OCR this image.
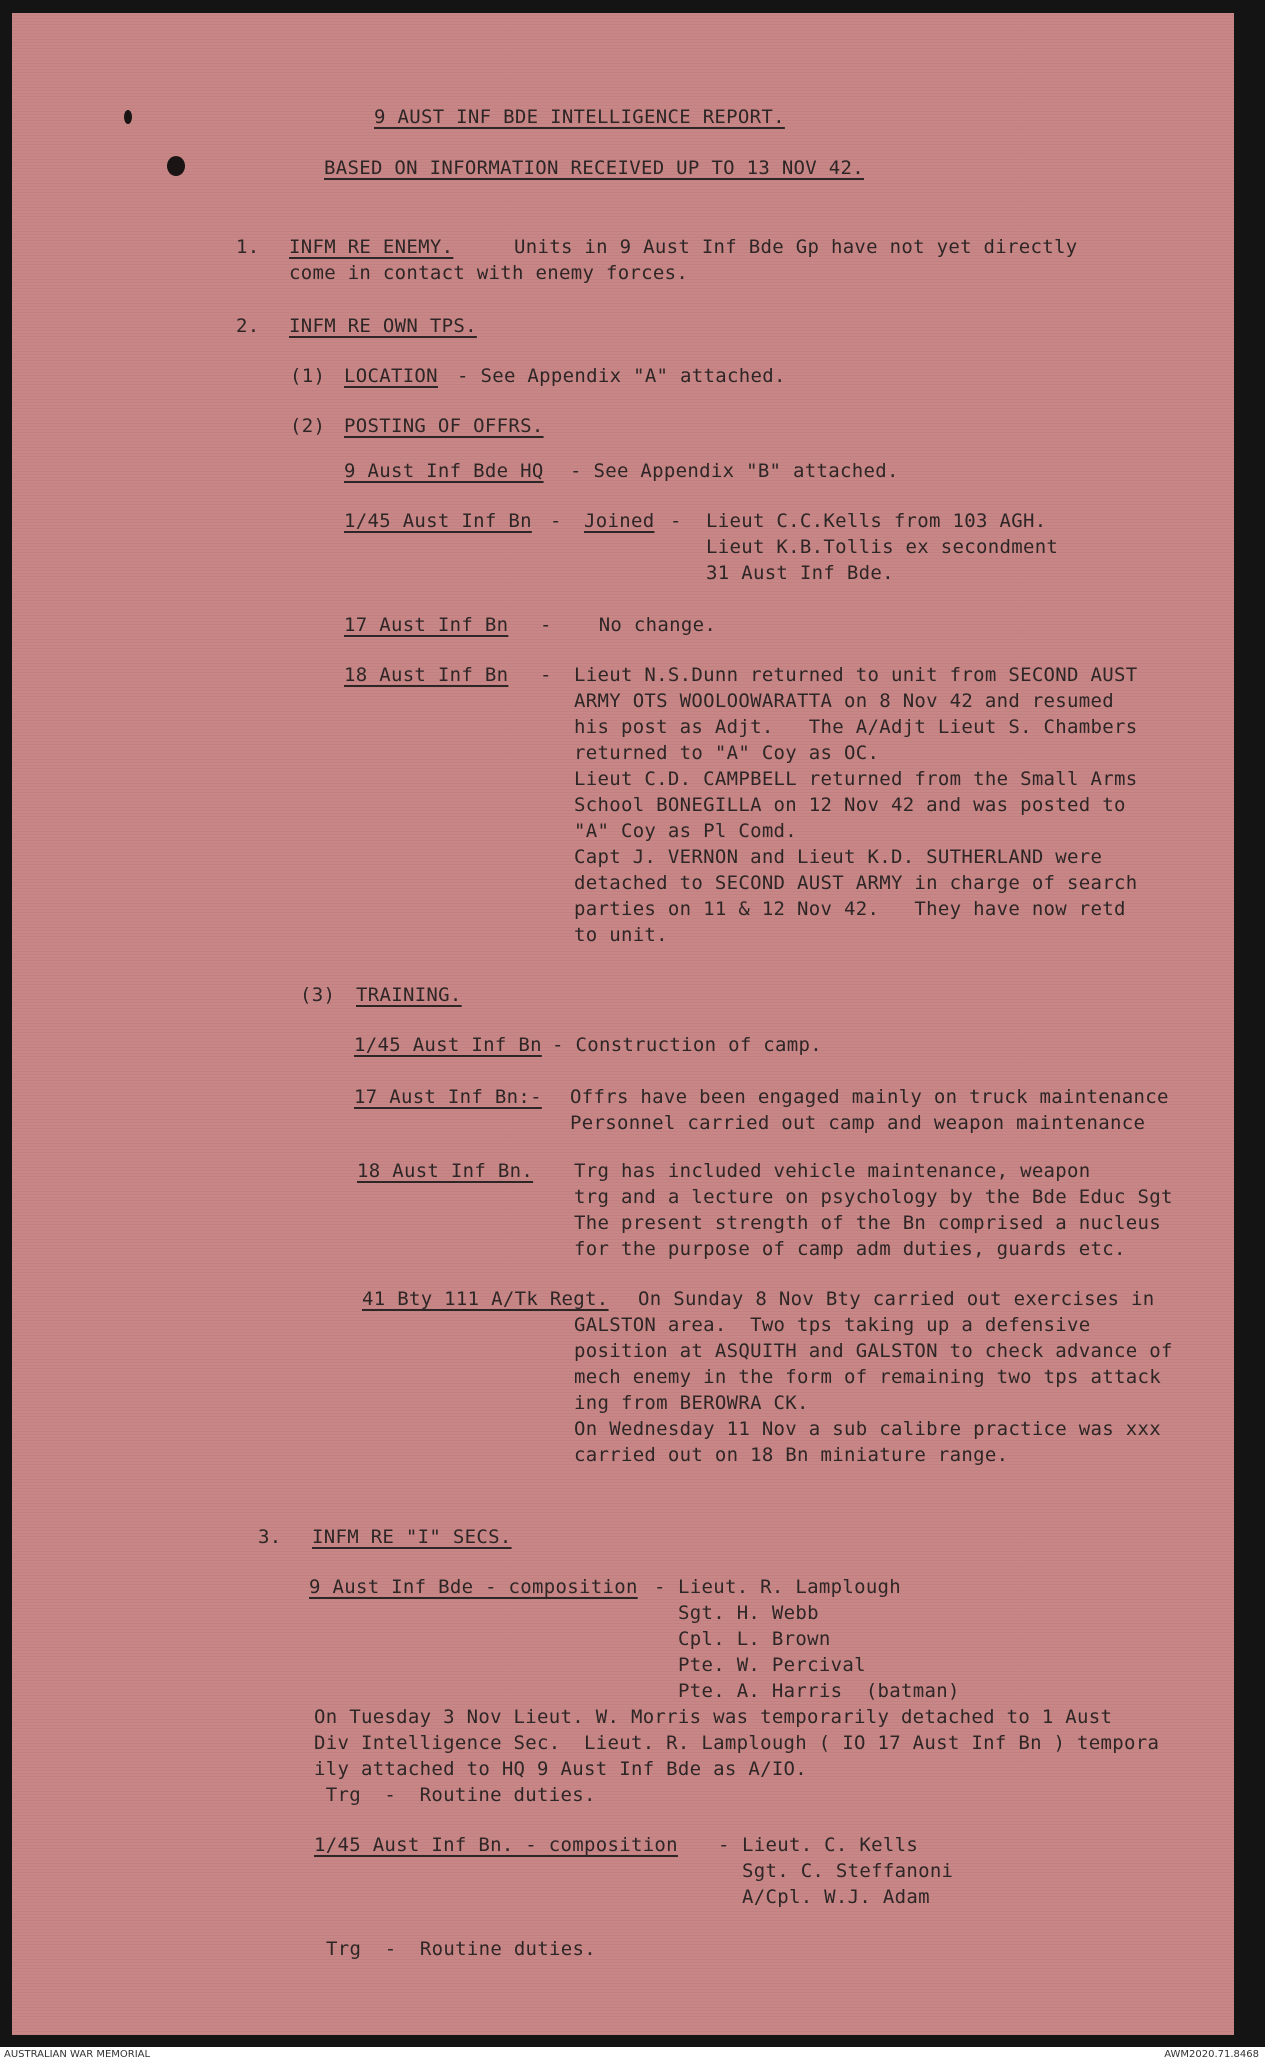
9 AUST INF BDE INTELLIGENCE REPORT.
BASED ON INFORMATION RECEIVED UP TO 13 NOV 42.
1. INFM RE ENEMY.	Units in 9 Aust Inf Bde Gp have not yet directly
come in contact with enemy forces.
2. INFM RE OWN TPS.
(1) LOCATION - See Appendix "A" attached.
(2) POSTING OF OFFRS.
9 Aust Inf Bde HQ - See Appendix "B" attached.
1/45 Aust Inf Bn - Joined - Lieut C.C.Kells from 103 AGH.
Lieut K.B.Tollis ex secondment
31 Aust Inf Bde.
17 Aust Inf Bn -    No change.
18 Aust Inf Bn - Lieut N.S.Dunn returned to unit from SECOND AUST
ARMY OTS WOOLOOWARATTA on 8 Nov 42 and resumed
his post as Adjt.   The A/Adjt Lieut S. Chambers
returned to "A" Coy as OC.
Lieut C.D. CAMPBELL returned from the Small Arms
School BONEGILLA on 12 Nov 42 and was posted to
"A" Coy as Pl Comd.
Capt J. VERNON and Lieut K.D. SUTHERLAND were
detached to SECOND AUST ARMY in charge of search
parties on 11 & 12 Nov 42.   They have now retd
to unit.
(3) TRAINING.
1/45 Aust Inf Bn - Construction of camp.
17 Aust Inf Bn:- Offrs have been engaged mainly on truck maintenance
Personnel carried out camp and weapon maintenance
18 Aust Inf Bn. Trg has included vehicle maintenance, weapon
trg and a lecture on psychology by the Bde Educ Sgt
The present strength of the Bn comprised a nucleus
for the purpose of camp adm duties, guards etc.
41 Bty 111 A/Tk Regt. On Sunday 8 Nov Bty carried out exercises in
GALSTON area.  Two tps taking up a defensive
position at ASQUITH and GALSTON to check advance of
mech enemy in the form of remaining two tps attack
ing from BEROWRA CK.
On Wednesday 11 Nov a sub calibre practice was xxx
carried out on 18 Bn miniature range.
3. INFM RE "I" SECS.
9 Aust Inf Bde - composition - Lieut. R. Lamplough
Sgt. H. Webb
Cpl. L. Brown
Pte. W. Percival
Pte. A. Harris  (batman)
On Tuesday 3 Nov Lieut. W. Morris was temporarily detached to 1 Aust
Div Intelligence Sec.  Lieut. R. Lamplough ( IO 17 Aust Inf Bn ) tempora
ily attached to HQ 9 Aust Inf Bde as A/IO.
Trg  -  Routine duties.
1/45 Aust Inf Bn. - composition - Lieut. C. Kells
Sgt. C. Steffanoni
A/Cpl. W.J. Adam
Trg  -  Routine duties.
AUSTRALIAN WAR MEMORIAL	AWM2020.71.8468
